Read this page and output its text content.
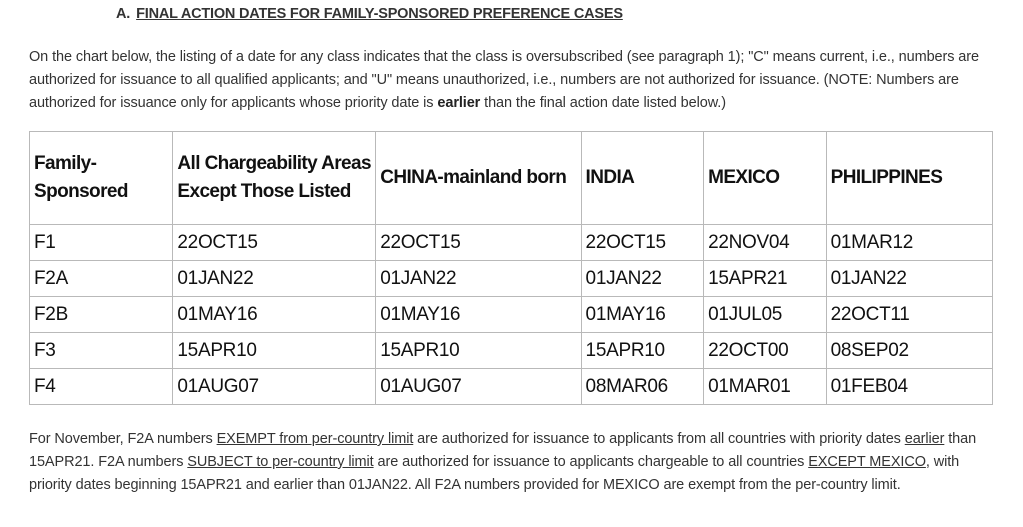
A. FINAL ACTION DATES FOR FAMILY-SPONSORED PREFERENCE CASES

On the chart below, the listing of a date for any class indicates that the class is oversubscribed (see paragraph 1); "C" means current, i.e., numbers are authorized for issuance to all qualified applicants; and "U" means unauthorized, i.e., numbers are not authorized for issuance. (NOTE: Numbers are authorized for issuance only for applicants whose priority date is earlier than the final action date listed below.)

Family-Sponsored	All Chargeability Areas Except Those Listed	CHINA-mainland born	INDIA	MEXICO	PHILIPPINES
F1	22OCT15	22OCT15	22OCT15	22NOV04	01MAR12
F2A	01JAN22	01JAN22	01JAN22	15APR21	01JAN22
F2B	01MAY16	01MAY16	01MAY16	01JUL05	22OCT11
F3	15APR10	15APR10	15APR10	22OCT00	08SEP02
F4	01AUG07	01AUG07	08MAR06	01MAR01	01FEB04

For November, F2A numbers EXEMPT from per-country limit are authorized for issuance to applicants from all countries with priority dates earlier than 15APR21. F2A numbers SUBJECT to per-country limit are authorized for issuance to applicants chargeable to all countries EXCEPT MEXICO, with priority dates beginning 15APR21 and earlier than 01JAN22. All F2A numbers provided for MEXICO are exempt from the per-country limit.
